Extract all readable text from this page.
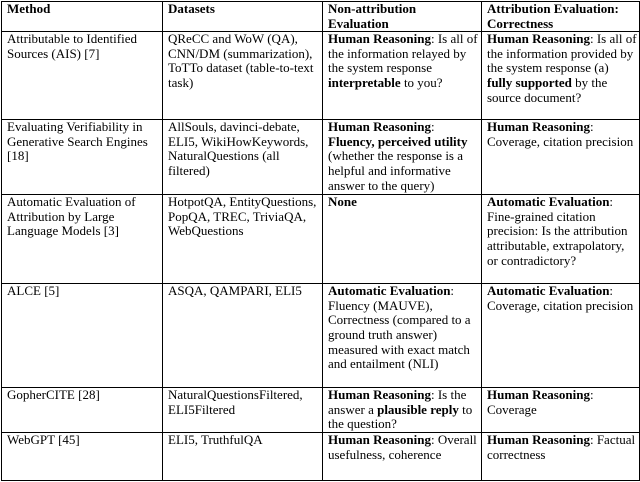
Method	Datasets	Non-attribution Evaluation	Attribution Evaluation: Correctness
Attributable to Identified Sources (AIS) [7]	QReCC and WoW (QA), CNN/DM (summarization), ToTTo dataset (table-to-text task)	Human Reasoning: Is all of the information relayed by the system response interpretable to you?	Human Reasoning: Is all of the information provided by the system response (a) fully supported by the source document?
Evaluating Verifiability in Generative Search Engines [18]	AllSouls, davinci-debate, ELI5, WikiHowKeywords, NaturalQuestions (all filtered)	Human Reasoning: Fluency, perceived utility (whether the response is a helpful and informative answer to the query)	Human Reasoning: Coverage, citation precision
Automatic Evaluation of Attribution by Large Language Models [3]	HotpotQA, EntityQuestions, PopQA, TREC, TriviaQA, WebQuestions	None	Automatic Evaluation: Fine-grained citation precision: Is the attribution attributable, extrapolatory, or contradictory?
ALCE [5]	ASQA, QAMPARI, ELI5	Automatic Evaluation: Fluency (MAUVE), Correctness (compared to a ground truth answer) measured with exact match and entailment (NLI)	Automatic Evaluation: Coverage, citation precision
GopherCITE [28]	NaturalQuestionsFiltered, ELI5Filtered	Human Reasoning: Is the answer a plausible reply to the question?	Human Reasoning: Coverage
WebGPT [45]	ELI5, TruthfulQA	Human Reasoning: Overall usefulness, coherence	Human Reasoning: Factual correctness
